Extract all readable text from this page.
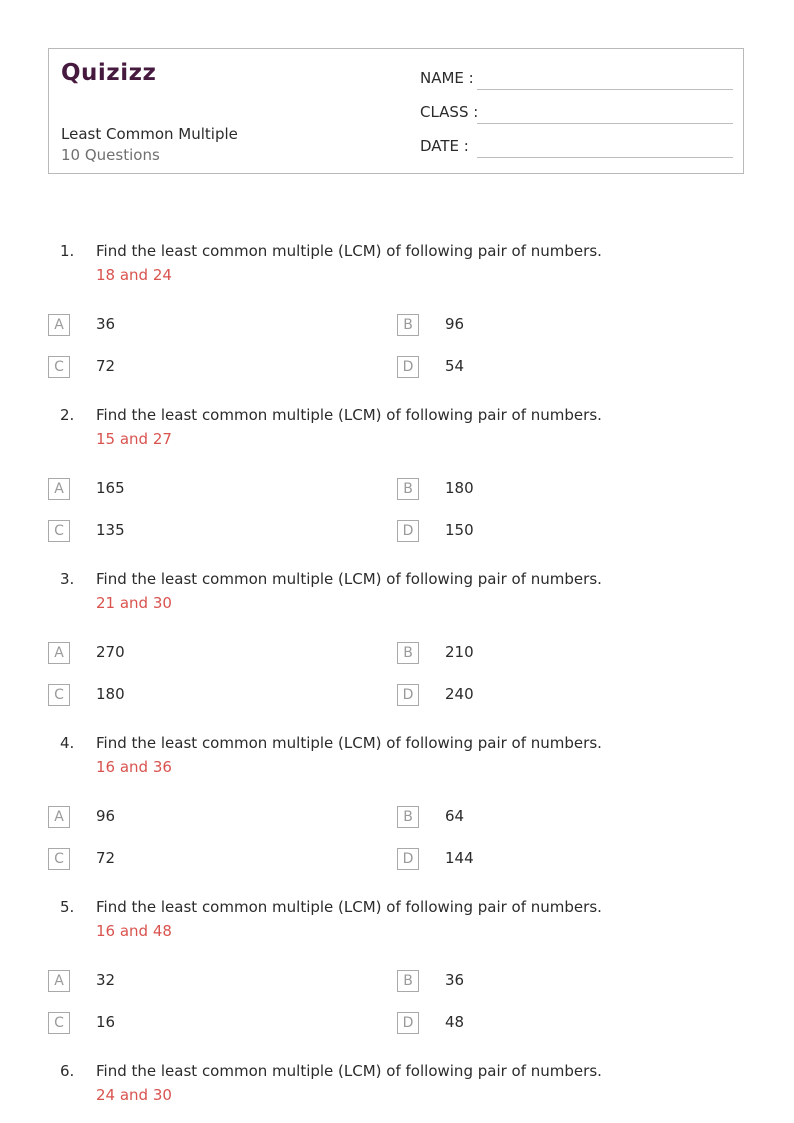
Quizizz
Least Common Multiple
10 Questions
NAME :
CLASS :
DATE :
1. Find the least common multiple (LCM) of following pair of numbers.
18 and 24
A	36	B	96
C	72	D	54
2. Find the least common multiple (LCM) of following pair of numbers.
15 and 27
A	165	B	180
C	135	D	150
3. Find the least common multiple (LCM) of following pair of numbers.
21 and 30
A	270	B	210
C	180	D	240
4. Find the least common multiple (LCM) of following pair of numbers.
16 and 36
A	96	B	64
C	72	D	144
5. Find the least common multiple (LCM) of following pair of numbers.
16 and 48
A	32	B	36
C	16	D	48
6. Find the least common multiple (LCM) of following pair of numbers.
24 and 30
